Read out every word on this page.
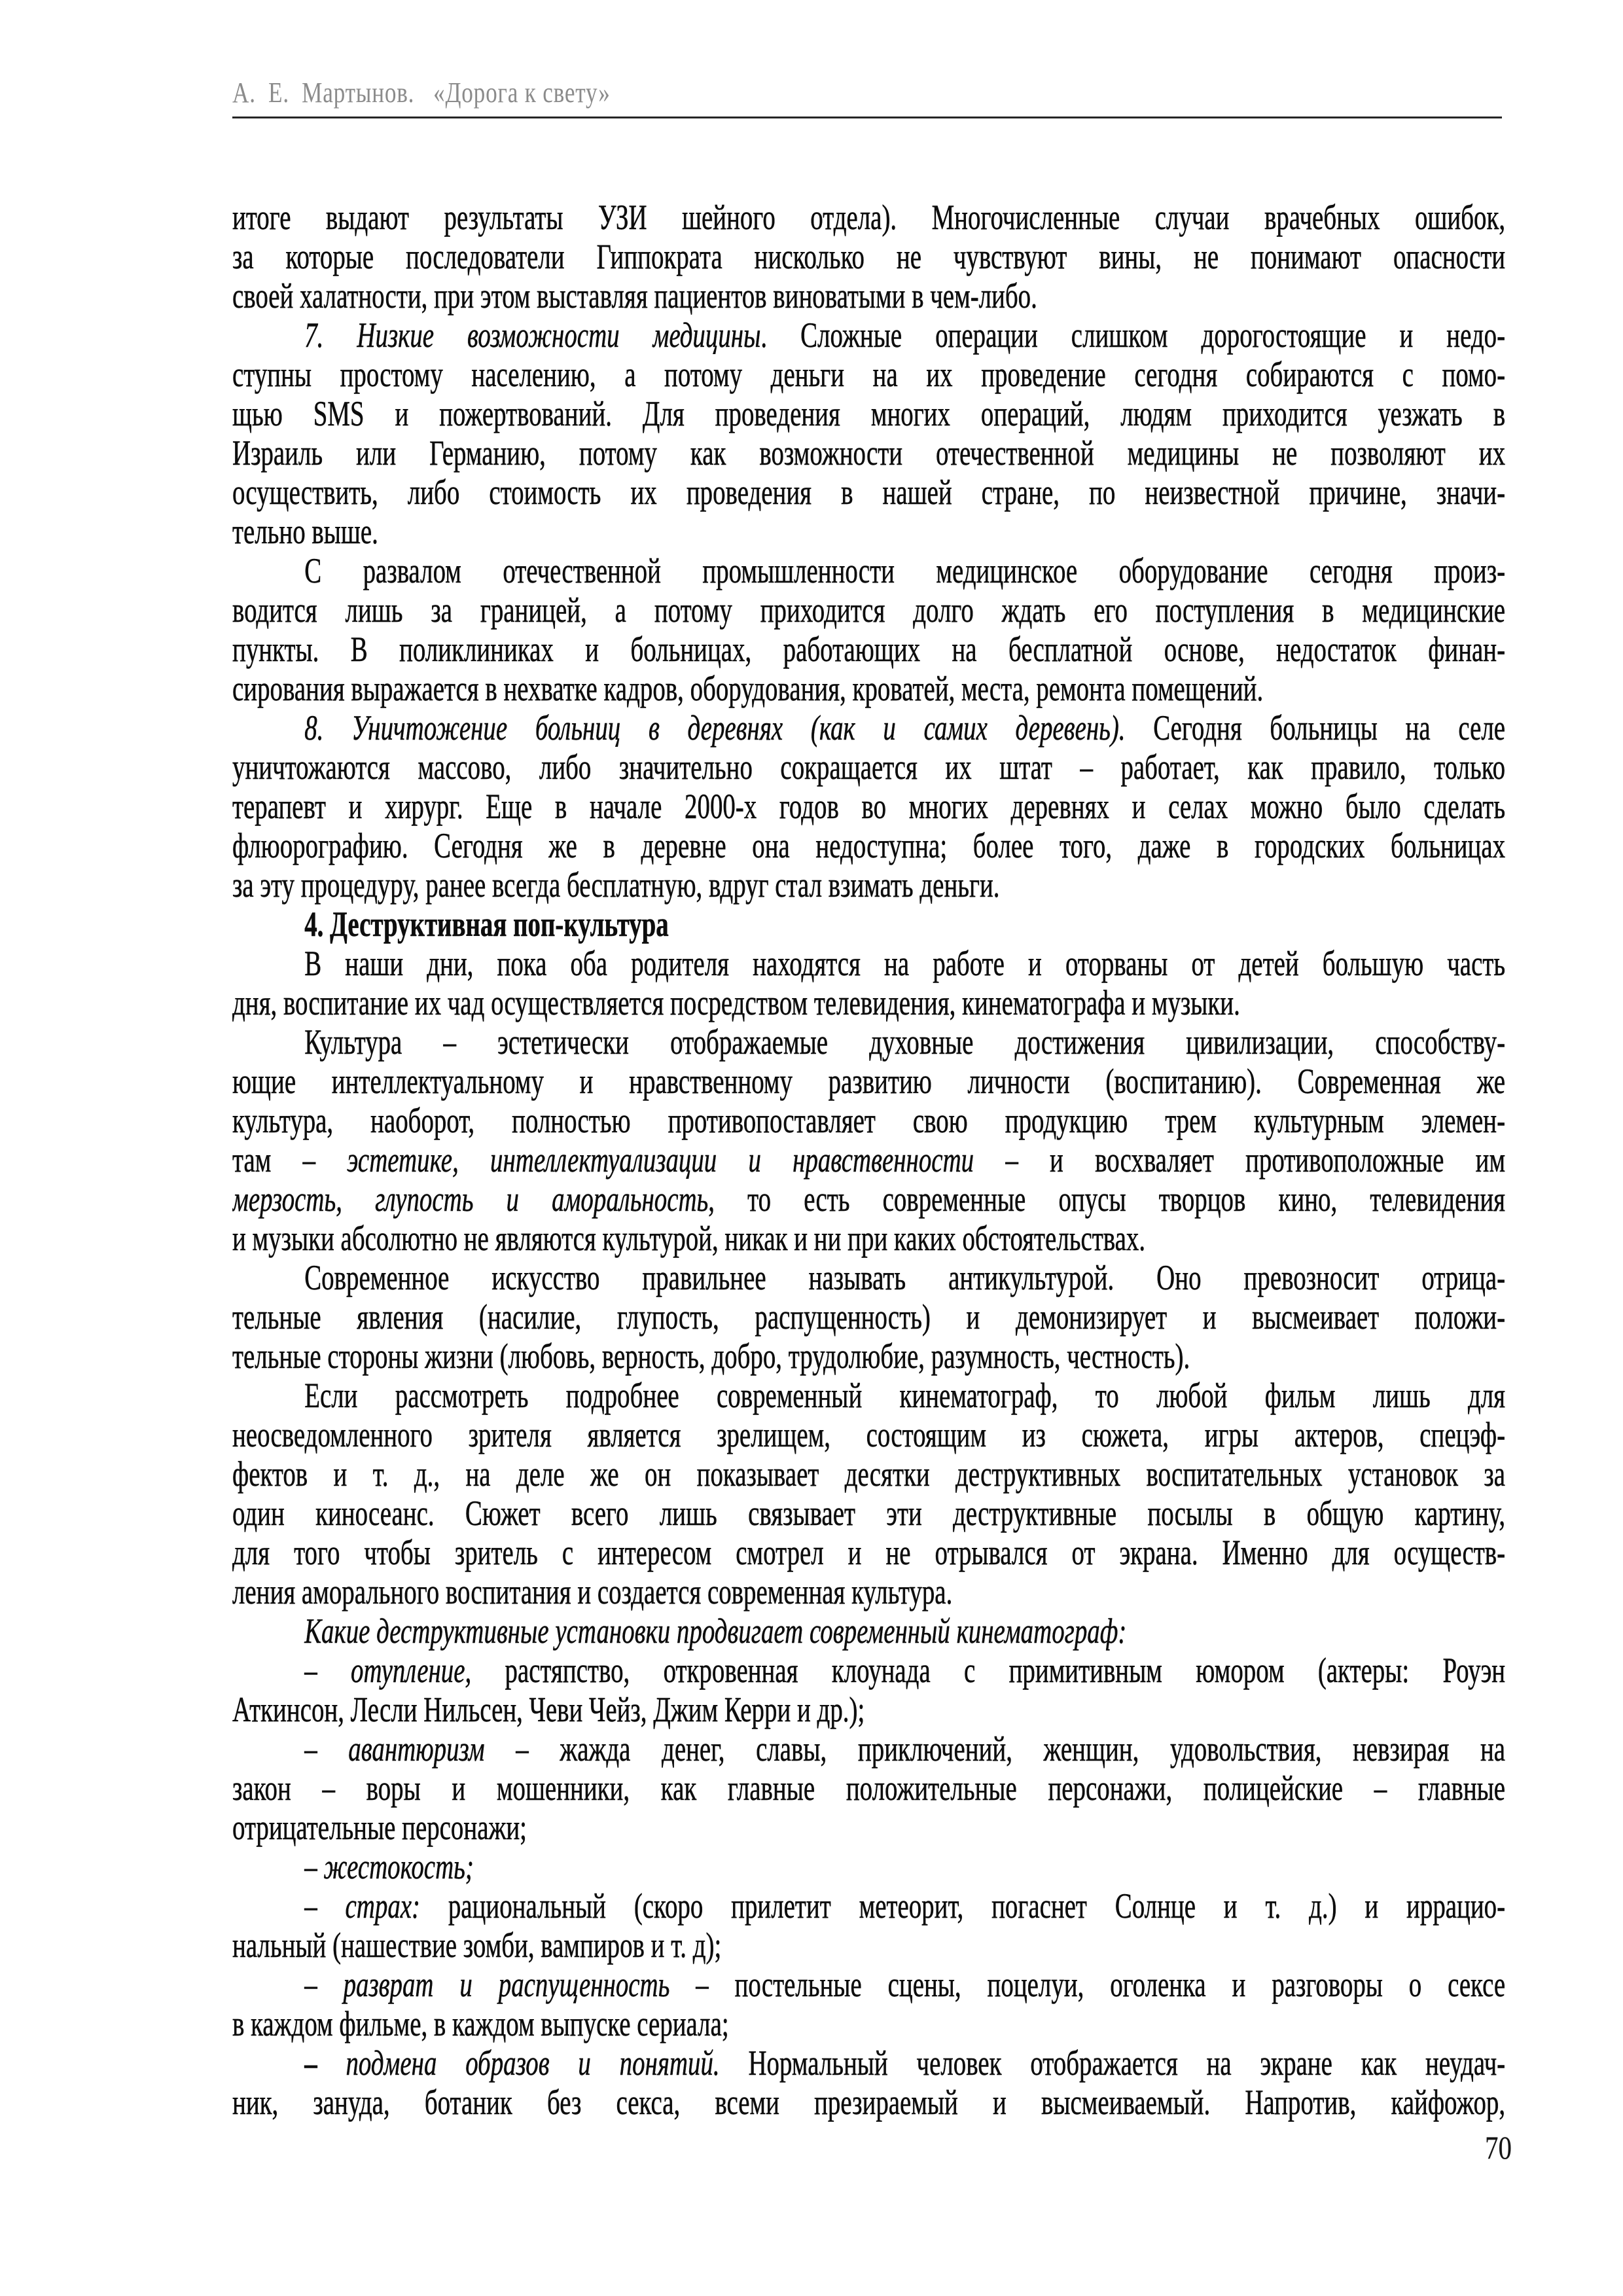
А.  Е.  Мартынов.   «Дорога к свету»
итоге выдают результаты УЗИ шейного отдела). Многочисленные случаи врачебных ошибок,
за которые последователи Гиппократа нисколько не чувствуют вины, не понимают опасности
своей халатности, при этом выставляя пациентов виноватыми в чем-либо.
7. Низкие возможности медицины. Сложные операции слишком дорогостоящие и недо-
ступны простому населению, а потому деньги на их проведение сегодня собираются с помо-
щью SMS и пожертвований. Для проведения многих операций, людям приходится уезжать в
Израиль или Германию, потому как возможности отечественной медицины не позволяют их
осуществить, либо стоимость их проведения в нашей стране, по неизвестной причине, значи-
тельно выше.
С развалом отечественной промышленности медицинское оборудование сегодня произ-
водится лишь за границей, а потому приходится долго ждать его поступления в медицинские
пункты. В поликлиниках и больницах, работающих на бесплатной основе, недостаток финан-
сирования выражается в нехватке кадров, оборудования, кроватей, места, ремонта помещений.
8. Уничтожение больниц в деревнях (как и самих деревень). Сегодня больницы на селе
уничтожаются массово, либо значительно сокращается их штат – работает, как правило, только
терапевт и хирург. Еще в начале 2000-х годов во многих деревнях и селах можно было сделать
флюорографию. Сегодня же в деревне она недоступна; более того, даже в городских больницах
за эту процедуру, ранее всегда бесплатную, вдруг стал взимать деньги.
4. Деструктивная поп-культура
В наши дни, пока оба родителя находятся на работе и оторваны от детей большую часть
дня, воспитание их чад осуществляется посредством телевидения, кинематографа и музыки.
Культура – эстетически отображаемые духовные достижения цивилизации, способству-
ющие интеллектуальному и нравственному развитию личности (воспитанию). Современная же
культура, наоборот, полностью противопоставляет свою продукцию трем культурным элемен-
там – эстетике, интеллектуализации и нравственности – и восхваляет противоположные им
мерзость, глупость и аморальность, то есть современные опусы творцов кино, телевидения
и музыки абсолютно не являются культурой, никак и ни при каких обстоятельствах.
Современное искусство правильнее называть антикультурой. Оно превозносит отрица-
тельные явления (насилие, глупость, распущенность) и демонизирует и высмеивает положи-
тельные стороны жизни (любовь, верность, добро, трудолюбие, разумность, честность).
Если рассмотреть подробнее современный кинематограф, то любой фильм лишь для
неосведомленного зрителя является зрелищем, состоящим из сюжета, игры актеров, спецэф-
фектов и т. д., на деле же он показывает десятки деструктивных воспитательных установок за
один киносеанс. Сюжет всего лишь связывает эти деструктивные посылы в общую картину,
для того чтобы зритель с интересом смотрел и не отрывался от экрана. Именно для осуществ-
ления аморального воспитания и создается современная культура.
Какие деструктивные установки продвигает современный кинематограф:
– отупление, растяпство, откровенная клоунада с примитивным юмором (актеры: Роуэн
Аткинсон, Лесли Нильсен, Чеви Чейз, Джим Керри и др.);
– авантюризм – жажда денег, славы, приключений, женщин, удовольствия, невзирая на
закон – воры и мошенники, как главные положительные персонажи, полицейские – главные
отрицательные персонажи;
– жестокость;
– страх: рациональный (скоро прилетит метеорит, погаснет Солнце и т. д.) и иррацио-
нальный (нашествие зомби, вампиров и т. д);
– разврат и распущенность – постельные сцены, поцелуи, оголенка и разговоры о сексе
в каждом фильме, в каждом выпуске сериала;
– подмена образов и понятий. Нормальный человек отображается на экране как неудач-
ник, зануда, ботаник без секса, всеми презираемый и высмеиваемый. Напротив, кайфожор,
70
